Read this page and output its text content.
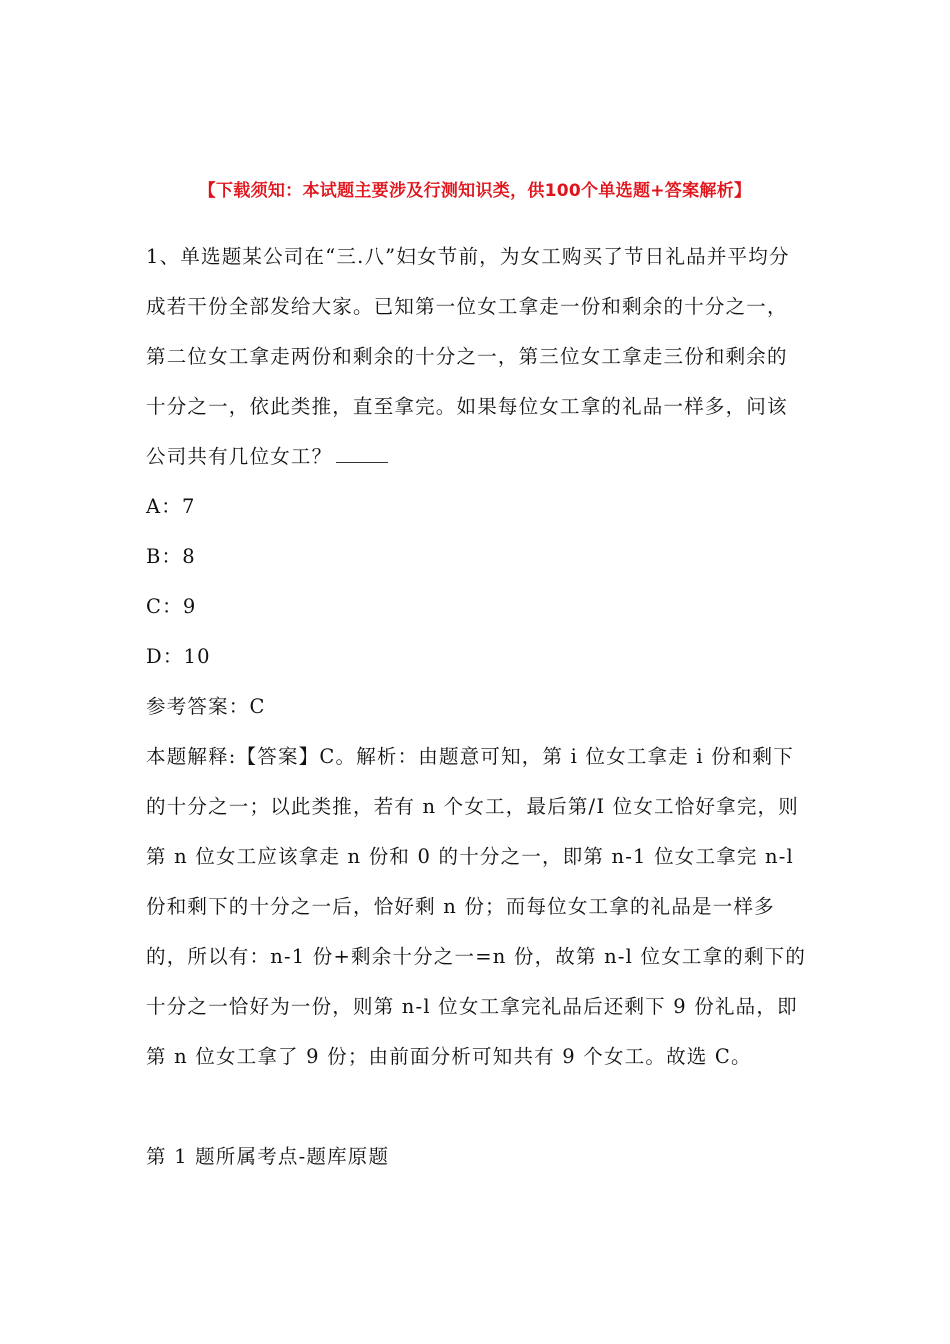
【下载须知：本试题主要涉及行测知识类，供100个单选题+答案解析】

1、单选题某公司在“三.八”妇女节前，为女工购买了节日礼品并平均分成若干份全部发给大家。已知第一位女工拿走一份和剩余的十分之一，第二位女工拿走两份和剩余的十分之一，第三位女工拿走三份和剩余的十分之一，依此类推，直至拿完。如果每位女工拿的礼品一样多，问该公司共有几位女工？

A：7

B：8

C：9

D：10

参考答案：C

本题解释:【答案】C。解析：由题意可知，第 i 位女工拿走 i 份和剩下的十分之一；以此类推，若有 n 个女工，最后第/I 位女工恰好拿完，则第 n 位女工应该拿走 n 份和 0 的十分之一，即第 n-1 位女工拿完 n-l 份和剩下的十分之一后，恰好剩 n 份；而每位女工拿的礼品是一样多的，所以有：n-1 份+剩余十分之一=n 份，故第 n-l 位女工拿的剩下的十分之一恰好为一份，则第 n-l 位女工拿完礼品后还剩下 9 份礼品，即第 n 位女工拿了 9 份；由前面分析可知共有 9 个女工。故选 C。

第 1 题所属考点-题库原题
